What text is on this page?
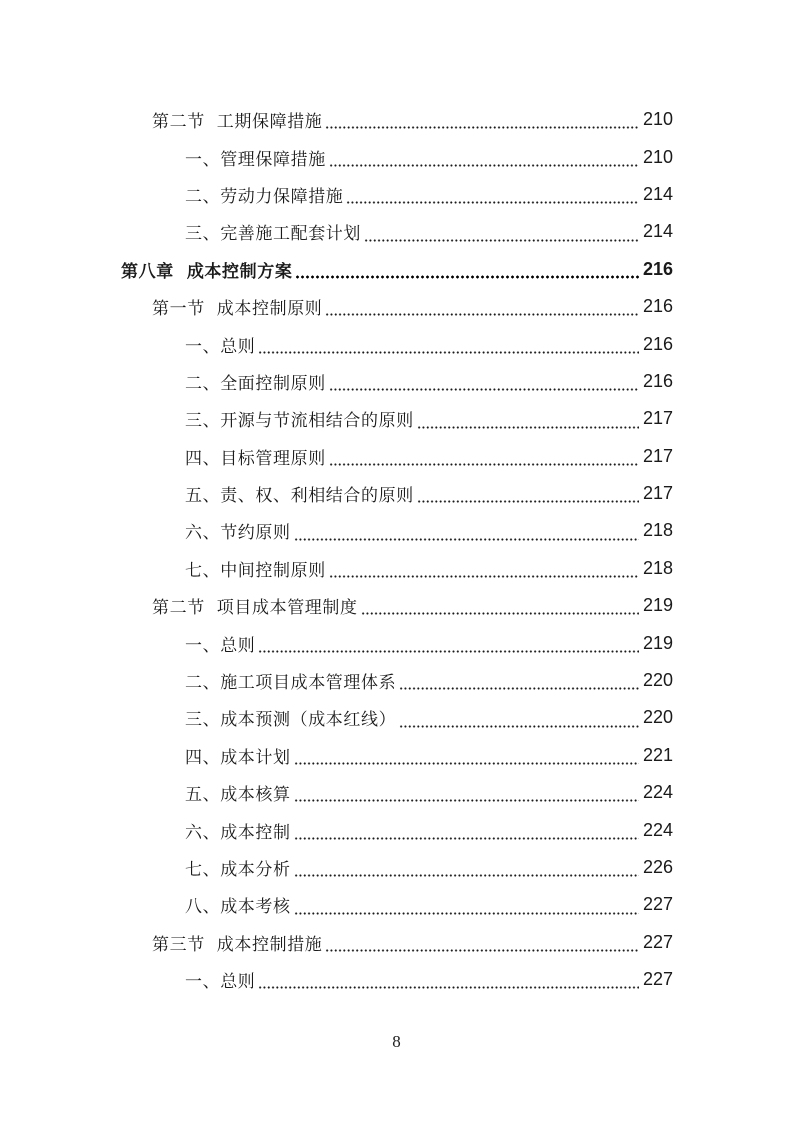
第二节  工期保障措施	210
一、管理保障措施	210
二、劳动力保障措施	214
三、完善施工配套计划	214
第八章  成本控制方案	216
第一节  成本控制原则	216
一、总则	216
二、全面控制原则	216
三、开源与节流相结合的原则	217
四、目标管理原则	217
五、责、权、利相结合的原则	217
六、节约原则	218
七、中间控制原则	218
第二节  项目成本管理制度	219
一、总则	219
二、施工项目成本管理体系	220
三、成本预测（成本红线）	220
四、成本计划	221
五、成本核算	224
六、成本控制	224
七、成本分析	226
八、成本考核	227
第三节  成本控制措施	227
一、总则	227
8
